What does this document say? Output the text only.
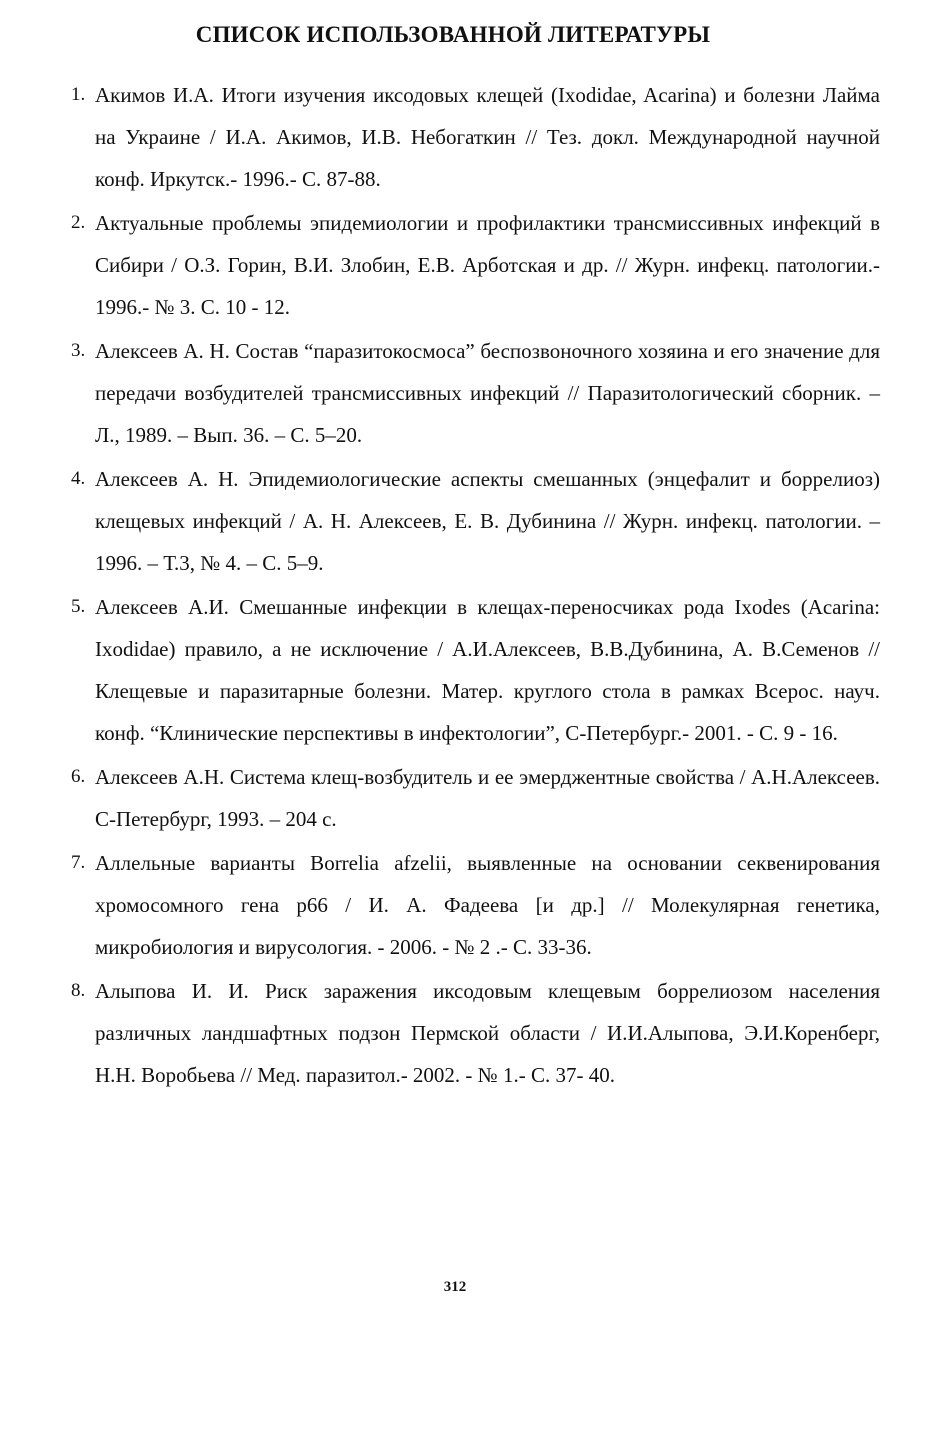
СПИСОК ИСПОЛЬЗОВАННОЙ ЛИТЕРАТУРЫ
1. Акимов И.А. Итоги изучения иксодовых клещей (Ixodidae, Acarina) и болезни Лайма на Украине / И.А. Акимов, И.В. Небогаткин // Тез. докл. Международной научной конф. Иркутск.- 1996.- С. 87-88.
2. Актуальные проблемы эпидемиологии и профилактики трансмиссивных инфекций в Сибири / О.З. Горин, В.И. Злобин, Е.В. Арботская и др. // Журн. инфекц. патологии.- 1996.- № 3. С. 10 - 12.
3. Алексеев А. Н. Состав “паразитокосмоса” беспозвоночного хозяина и его значение для передачи возбудителей трансмиссивных инфекций // Паразитологический сборник. – Л., 1989. – Вып. 36. – С. 5–20.
4. Алексеев А. Н. Эпидемиологические аспекты смешанных (энцефалит и боррелиоз) клещевых инфекций / А. Н. Алексеев, Е. В. Дубинина // Журн. инфекц. патологии. – 1996. – Т.3, № 4. – С. 5–9.
5. Алексеев А.И. Смешанные инфекции в клещах-переносчиках рода Ixodes (Acarina: Ixodidae) правило, а не исключение / А.И.Алексеев, В.В.Дубинина, А. В.Семенов // Клещевые и паразитарные болезни. Матер. круглого стола в рамках Всерос. науч. конф. “Клинические перспективы в инфектологии”, С-Петербург.- 2001. - С. 9 - 16.
6. Алексеев А.Н. Система клещ-возбудитель и ее эмерджентные свойства / А.Н.Алексеев. С-Петербург, 1993. – 204 с.
7. Аллельные варианты Borrelia afzelii, выявленные на основании секвенирования хромосомного гена p66 / И. А. Фадеева [и др.] // Молекулярная генетика, микробиология и вирусология. - 2006. - № 2 .- С. 33-36.
8. Алыпова И. И. Риск заражения иксодовым клещевым боррелиозом населения различных ландшафтных подзон Пермской области / И.И.Алыпова, Э.И.Коренберг, Н.Н. Воробьева // Мед. паразитол.- 2002. - № 1.- С. 37- 40.
312
